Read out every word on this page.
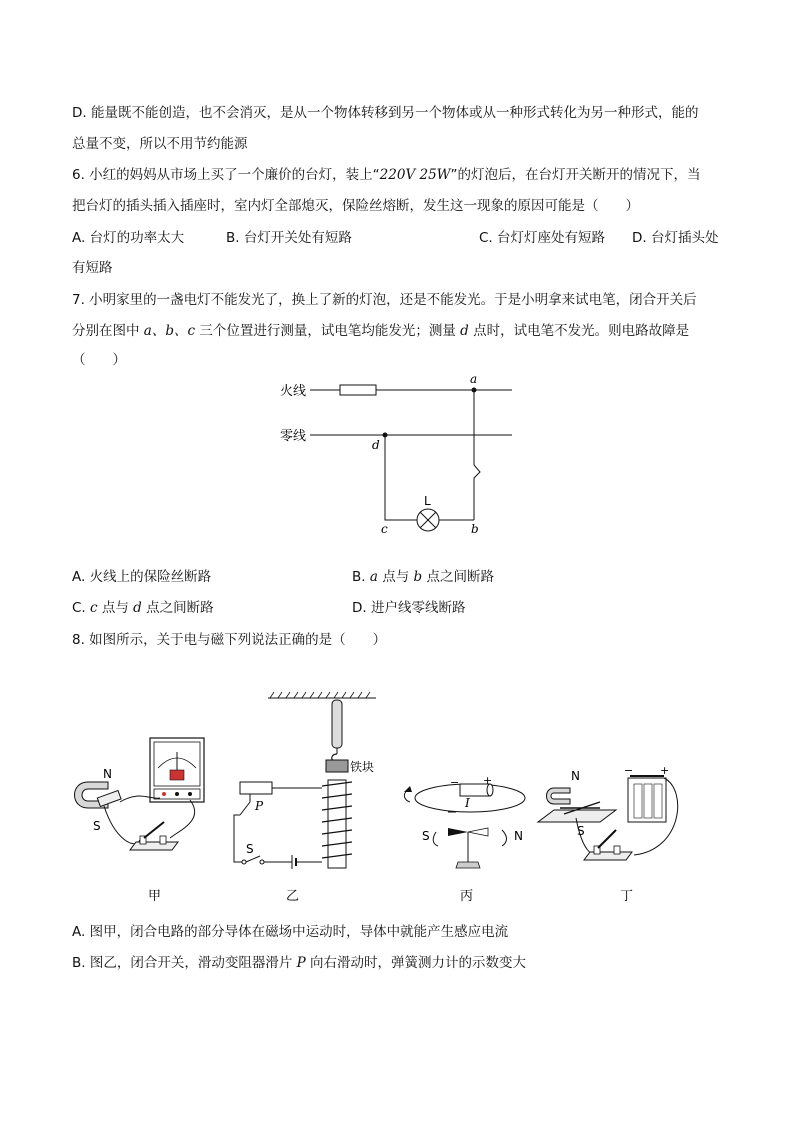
D. 能量既不能创造，也不会消灭，是从一个物体转移到另一个物体或从一种形式转化为另一种形式，能的
总量不变，所以不用节约能源
6. 小红的妈妈从市场上买了一个廉价的台灯，装上“220V 25W”的灯泡后，在台灯开关断开的情况下，当
把台灯的插头插入插座时，室内灯全部熄灭，保险丝熔断，发生这一现象的原因可能是（　　）
A. 台灯的功率太大	B. 台灯开关处有短路	C. 台灯灯座处有短路 D. 台灯插头处
有短路
7. 小明家里的一盏电灯不能发光了，换上了新的灯泡，还是不能发光。于是小明拿来试电笔，闭合开关后
分别在图中 a、b、c 三个位置进行测量，试电笔均能发光；测量 d 点时，试电笔不发光。则电路故障是
（　　）
火线
零线
a
d
L
c	b
A. 火线上的保险丝断路	B. a 点与 b 点之间断路
C. c 点与 d 点之间断路	D. 进户线零线断路
8. 如图所示，关于电与磁下列说法正确的是（　　）
N
S
甲
铁块
P
S
乙
− +
I
S	N
丙
N
S
− +
丁
A. 图甲，闭合电路的部分导体在磁场中运动时，导体中就能产生感应电流
B. 图乙，闭合开关，滑动变阻器滑片 P 向右滑动时，弹簧测力计的示数变大
